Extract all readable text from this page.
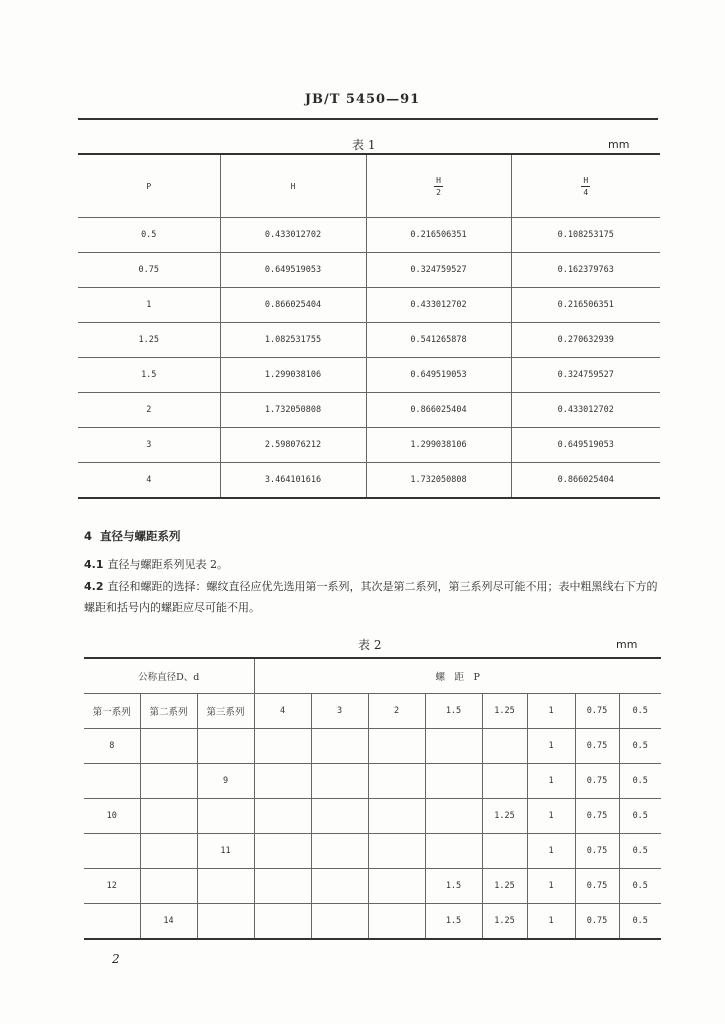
JB/T 5450—91
表 1	mm
P	H	$\frac{H}{2}$	$\frac{H}{4}$

0.5	0.433012702	0.216506351	0.108253175
0.75	0.649519053	0.324759527	0.162379763
1	0.866025404	0.433012702	0.216506351
1.25	1.082531755	0.541265878	0.270632939
1.5	1.299038106	0.649519053	0.324759527
2	1.732050808	0.866025404	0.433012702
3	2.598076212	1.299038106	0.649519053
4	3.464101616	1.732050808	0.866025404
4 直径与螺距系列
4.1 直径与螺距系列见表 2。
4.2 直径和螺距的选择：螺纹直径应优先选用第一系列，其次是第二系列，第三系列尽可能不用；表中粗黑线右下方的螺距和括号内的螺距应尽可能不用。
表 2	mm
公称直径D、d			螺　距　P							
第一系列	第二系列	第三系列	4	3	2	1.5	1.25	1	0.75	0.5
8								1	0.75	0.5
		9						1	0.75	0.5
10							1.25	1	0.75	0.5
		11						1	0.75	0.5
12						1.5	1.25	1	0.75	0.5
	14					1.5	1.25	1	0.75	0.5
2
